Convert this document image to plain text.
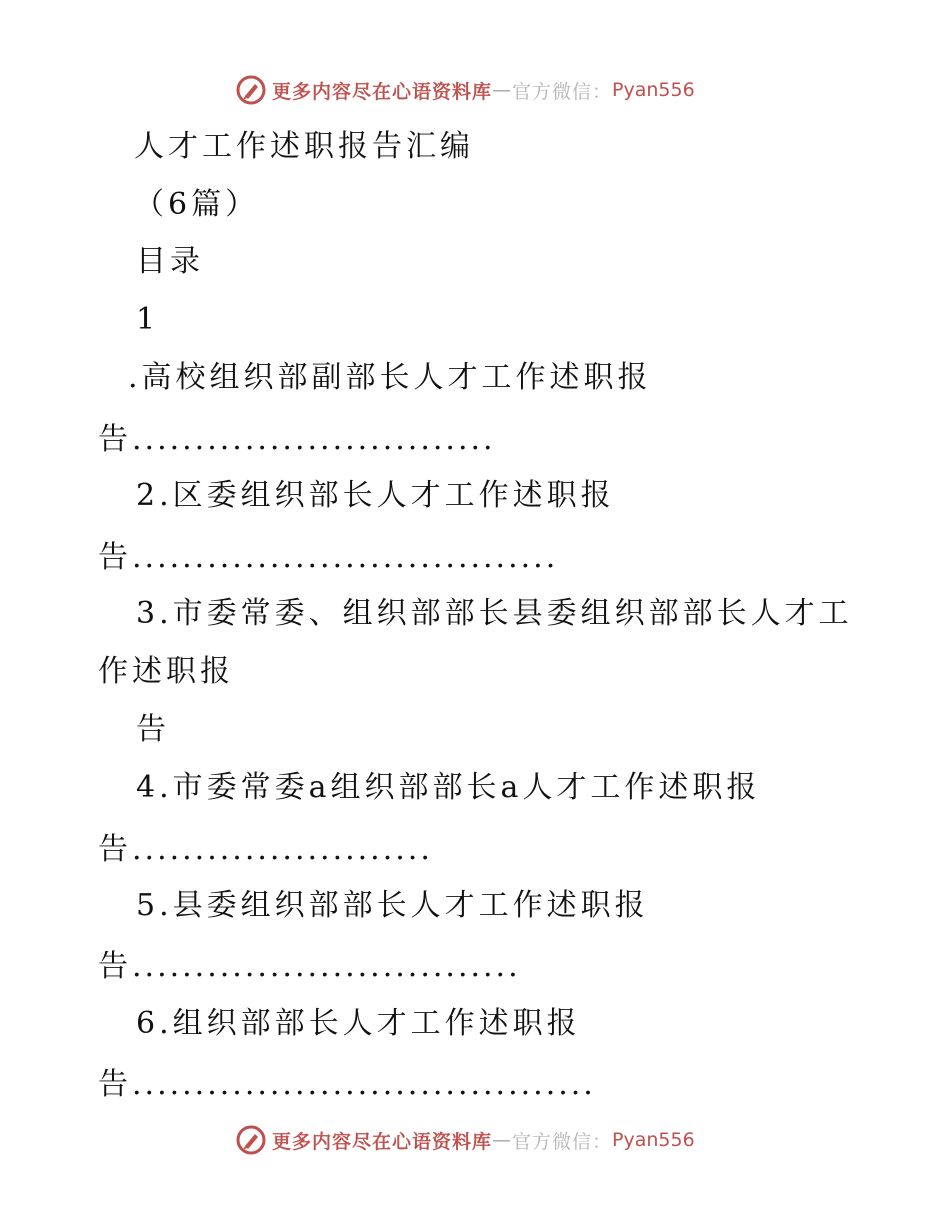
更多内容尽在心语资料库 — 官方微信： Pyan556
人才工作述职报告汇编
（6篇）
目录
1
.高校组织部副部长人才工作述职报
告.............................
2.区委组织部长人才工作述职报
告..................................
3.市委常委、组织部部长县委组织部部长人才工
作述职报
告
4.市委常委a组织部部长a人才工作述职报
告........................
5.县委组织部部长人才工作述职报
告...............................
6.组织部部长人才工作述职报
告.....................................
更多内容尽在心语资料库 — 官方微信： Pyan556
